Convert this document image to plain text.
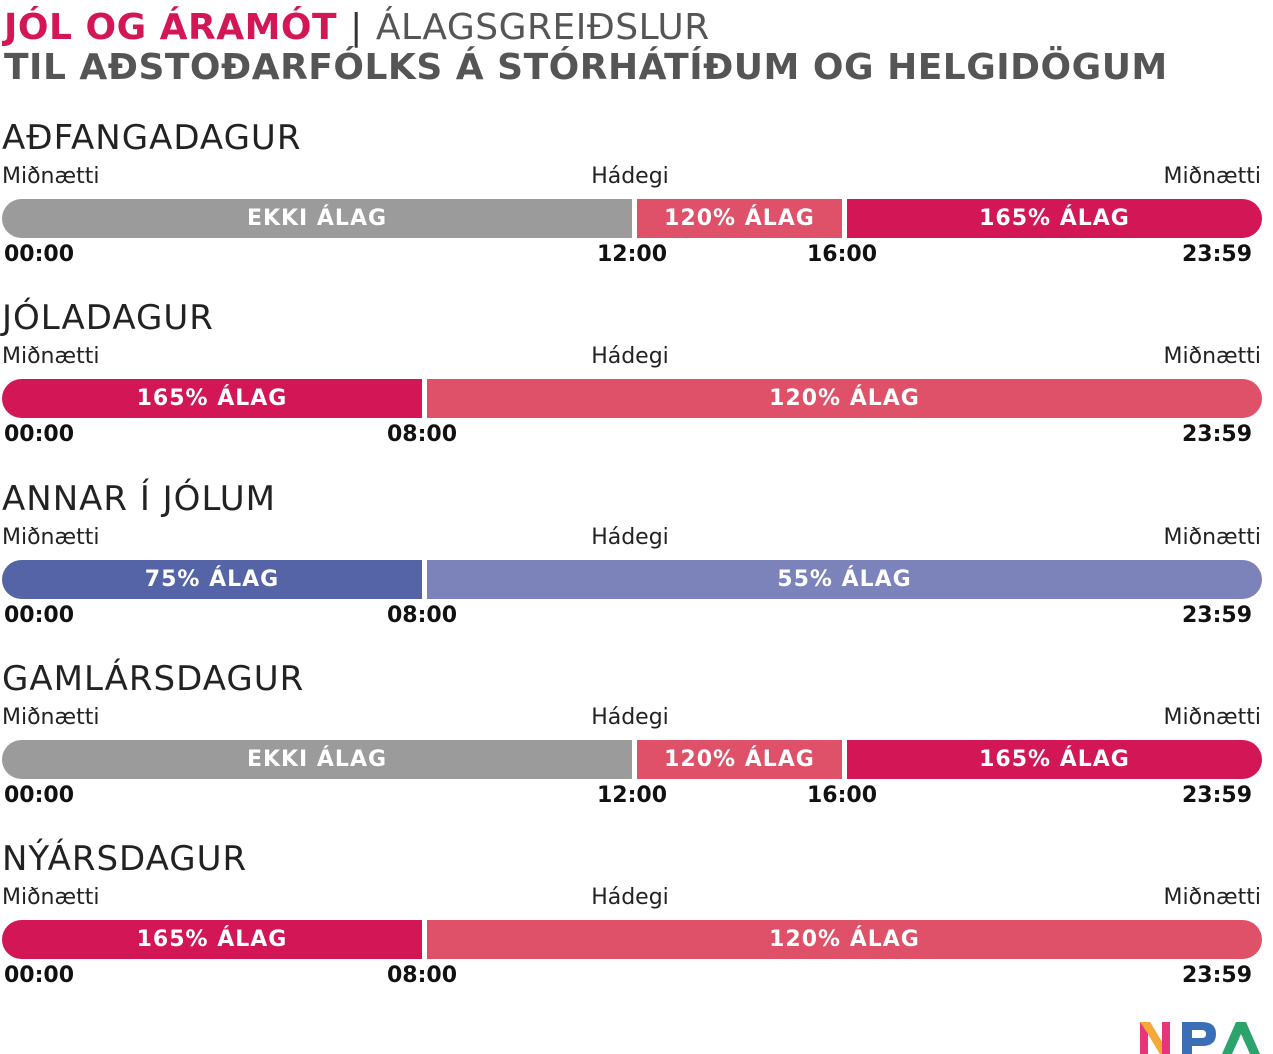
JÓL OG ÁRAMÓT | ÁLAGSGREIÐSLUR
TIL AÐSTOÐARFÓLKS Á STÓRHÁTÍÐUM OG HELGIDÖGUM
AÐFANGADAGUR
Miðnætti	Hádegi	Miðnætti
EKKI ÁLAG	120% ÁLAG	165% ÁLAG
00:00	12:00	16:00	23:59
JÓLADAGUR
Miðnætti	Hádegi	Miðnætti
165% ÁLAG	120% ÁLAG
00:00	08:00	23:59
ANNAR Í JÓLUM
Miðnætti	Hádegi	Miðnætti
75% ÁLAG	55% ÁLAG
00:00	08:00	23:59
GAMLÁRSDAGUR
Miðnætti	Hádegi	Miðnætti
EKKI ÁLAG	120% ÁLAG	165% ÁLAG
00:00	12:00	16:00	23:59
NÝÁRSDAGUR
Miðnætti	Hádegi	Miðnætti
165% ÁLAG	120% ÁLAG
00:00	08:00	23:59
